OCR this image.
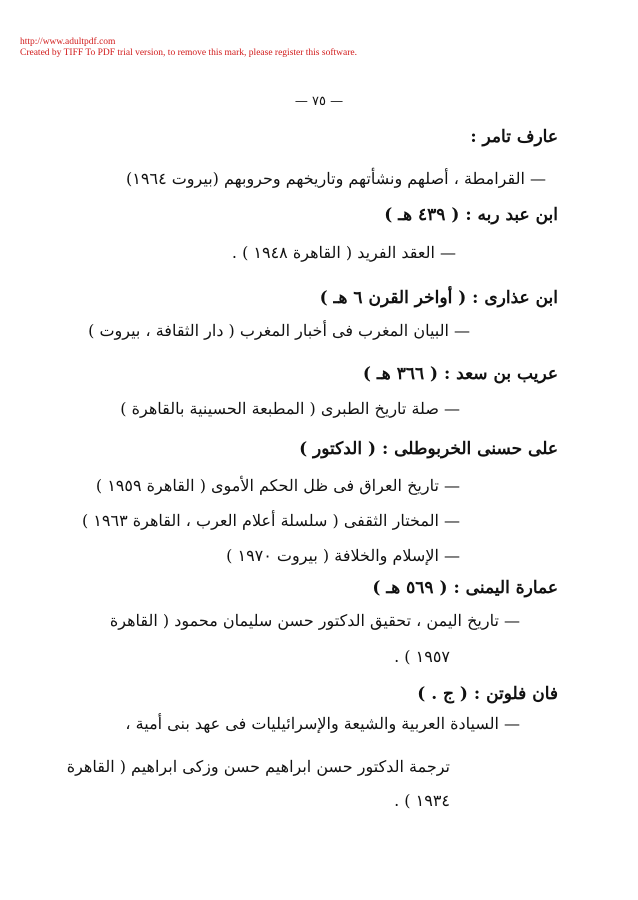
http://www.adultpdf.com
Created by TIFF To PDF trial version, to remove this mark, please register this software.
— ٧٥ —
عارف تامر :
— القرامطة ، أصلهم ونشأتهم وتاريخهم وحروبهم (بيروت ١٩٦٤)
ابن عبد ربه : ( ٤٣٩ هـ )
— العقد الفريد ( القاهرة ١٩٤٨ ) .
ابن عذارى : ( أواخر القرن ٦ هـ )
— البيان المغرب فى أخبار المغرب ( دار الثقافة ، بيروت )
عريب بن سعد : ( ٣٦٦ هـ )
— صلة تاريخ الطبرى ( المطبعة الحسينية بالقاهرة )
على حسنى الخربوطلى : ( الدكتور )
— تاريخ العراق فى ظل الحكم الأموى ( القاهرة ١٩٥٩ )
— المختار الثقفى ( سلسلة أعلام العرب ، القاهرة ١٩٦٣ )
— الإسلام والخلافة ( بيروت ١٩٧٠ )
عمارة اليمنى : ( ٥٦٩ هـ )
— تاريخ اليمن ، تحقيق الدكتور حسن سليمان محمود ( القاهرة
١٩٥٧ ) .
فان فلوتن : ( ج . )
— السيادة العربية والشيعة والإسرائيليات فى عهد بنى أمية ،
ترجمة الدكتور حسن ابراهيم حسن وزكى ابراهيم ( القاهرة
١٩٣٤ ) .
